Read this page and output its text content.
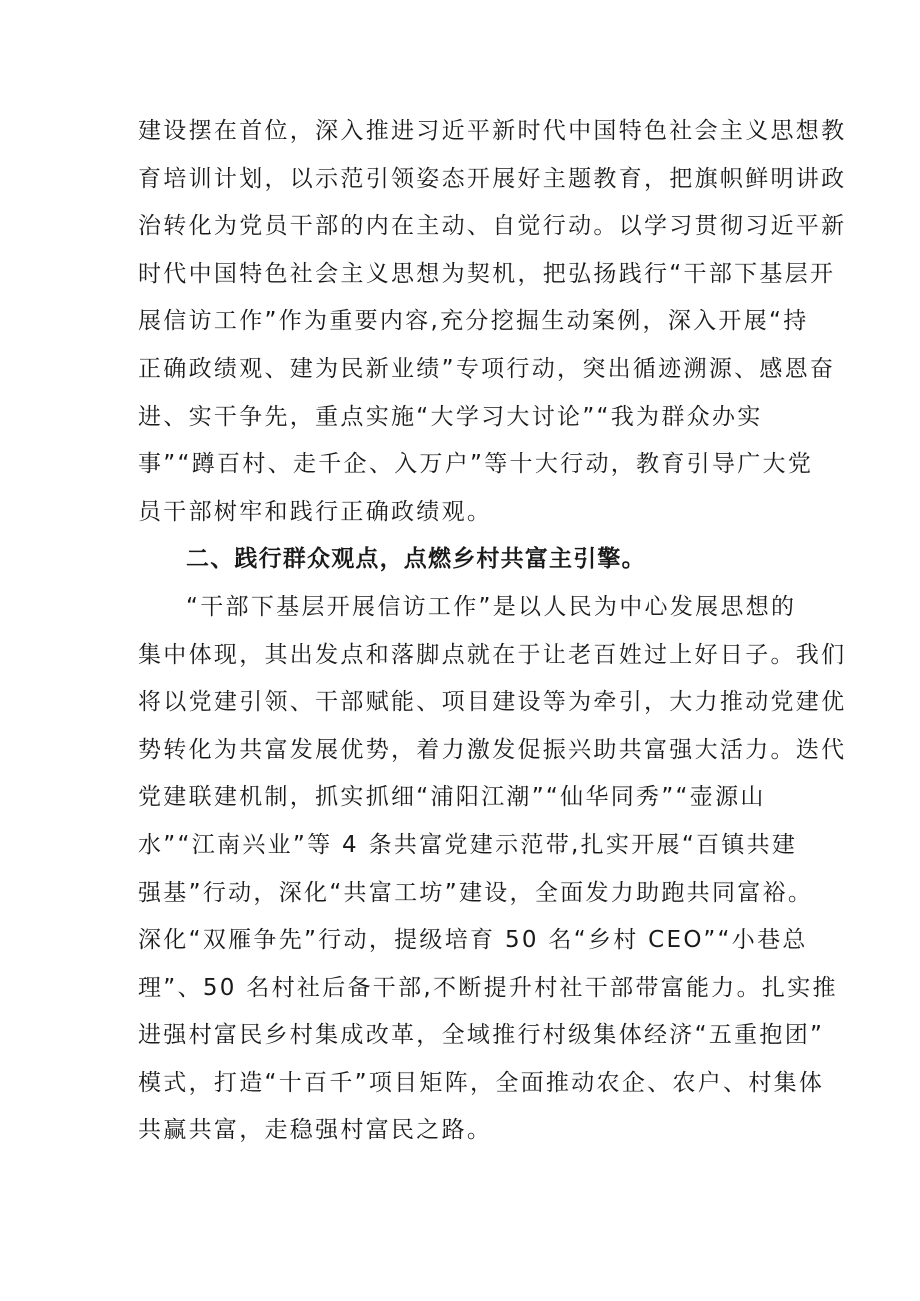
建设摆在首位，深入推进习近平新时代中国特色社会主义思想教
育培训计划，以示范引领姿态开展好主题教育，把旗帜鲜明讲政
治转化为党员干部的内在主动、自觉行动。以学习贯彻习近平新
时代中国特色社会主义思想为契机，把弘扬践行“干部下基层开
展信访工作”作为重要内容,充分挖掘生动案例，深入开展“持
正确政绩观、建为民新业绩”专项行动，突出循迹溯源、感恩奋
进、实干争先，重点实施“大学习大讨论”“我为群众办实
事”“蹲百村、走千企、入万户”等十大行动，教育引导广大党
员干部树牢和践行正确政绩观。
二、践行群众观点，点燃乡村共富主引擎。
“干部下基层开展信访工作”是以人民为中心发展思想的
集中体现，其出发点和落脚点就在于让老百姓过上好日子。我们
将以党建引领、干部赋能、项目建设等为牵引，大力推动党建优
势转化为共富发展优势，着力激发促振兴助共富强大活力。迭代
党建联建机制，抓实抓细“浦阳江潮”“仙华同秀”“壶源山
水”“江南兴业”等 4 条共富党建示范带,扎实开展“百镇共建
强基”行动，深化“共富工坊”建设，全面发力助跑共同富裕。
深化“双雁争先”行动，提级培育 50 名“乡村 CEO”“小巷总
理”、50 名村社后备干部,不断提升村社干部带富能力。扎实推
进强村富民乡村集成改革，全域推行村级集体经济“五重抱团”
模式，打造“十百千”项目矩阵，全面推动农企、农户、村集体
共赢共富，走稳强村富民之路。
